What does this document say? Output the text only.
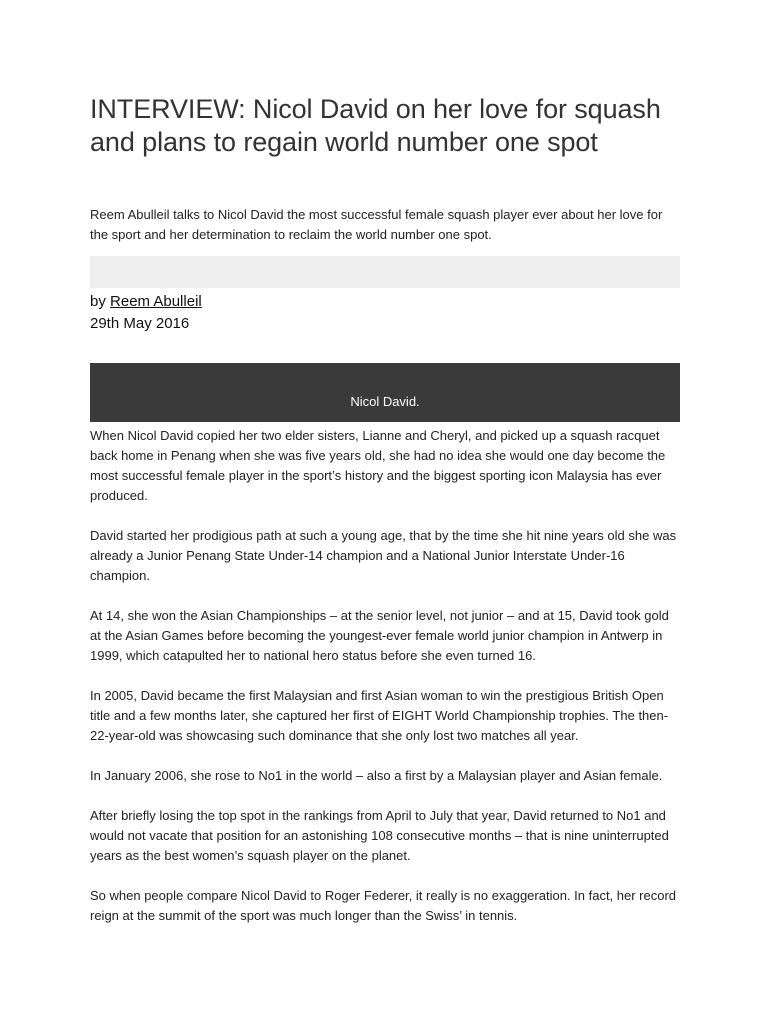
INTERVIEW: Nicol David on her love for squash and plans to regain world number one spot

Reem Abulleil talks to Nicol David the most successful female squash player ever about her love for the sport and her determination to reclaim the world number one spot.

by Reem Abulleil
29th May 2016
Nicol David.

When Nicol David copied her two elder sisters, Lianne and Cheryl, and picked up a squash racquet back home in Penang when she was five years old, she had no idea she would one day become the most successful female player in the sport’s history and the biggest sporting icon Malaysia has ever produced.

David started her prodigious path at such a young age, that by the time she hit nine years old she was already a Junior Penang State Under-14 champion and a National Junior Interstate Under-16 champion.

At 14, she won the Asian Championships – at the senior level, not junior – and at 15, David took gold at the Asian Games before becoming the youngest-ever female world junior champion in Antwerp in 1999, which catapulted her to national hero status before she even turned 16.

In 2005, David became the first Malaysian and first Asian woman to win the prestigious British Open title and a few months later, she captured her first of EIGHT World Championship trophies. The then-22-year-old was showcasing such dominance that she only lost two matches all year.

In January 2006, she rose to No1 in the world – also a first by a Malaysian player and Asian female.

After briefly losing the top spot in the rankings from April to July that year, David returned to No1 and would not vacate that position for an astonishing 108 consecutive months – that is nine uninterrupted years as the best women’s squash player on the planet.

So when people compare Nicol David to Roger Federer, it really is no exaggeration. In fact, her record reign at the summit of the sport was much longer than the Swiss’ in tennis.
